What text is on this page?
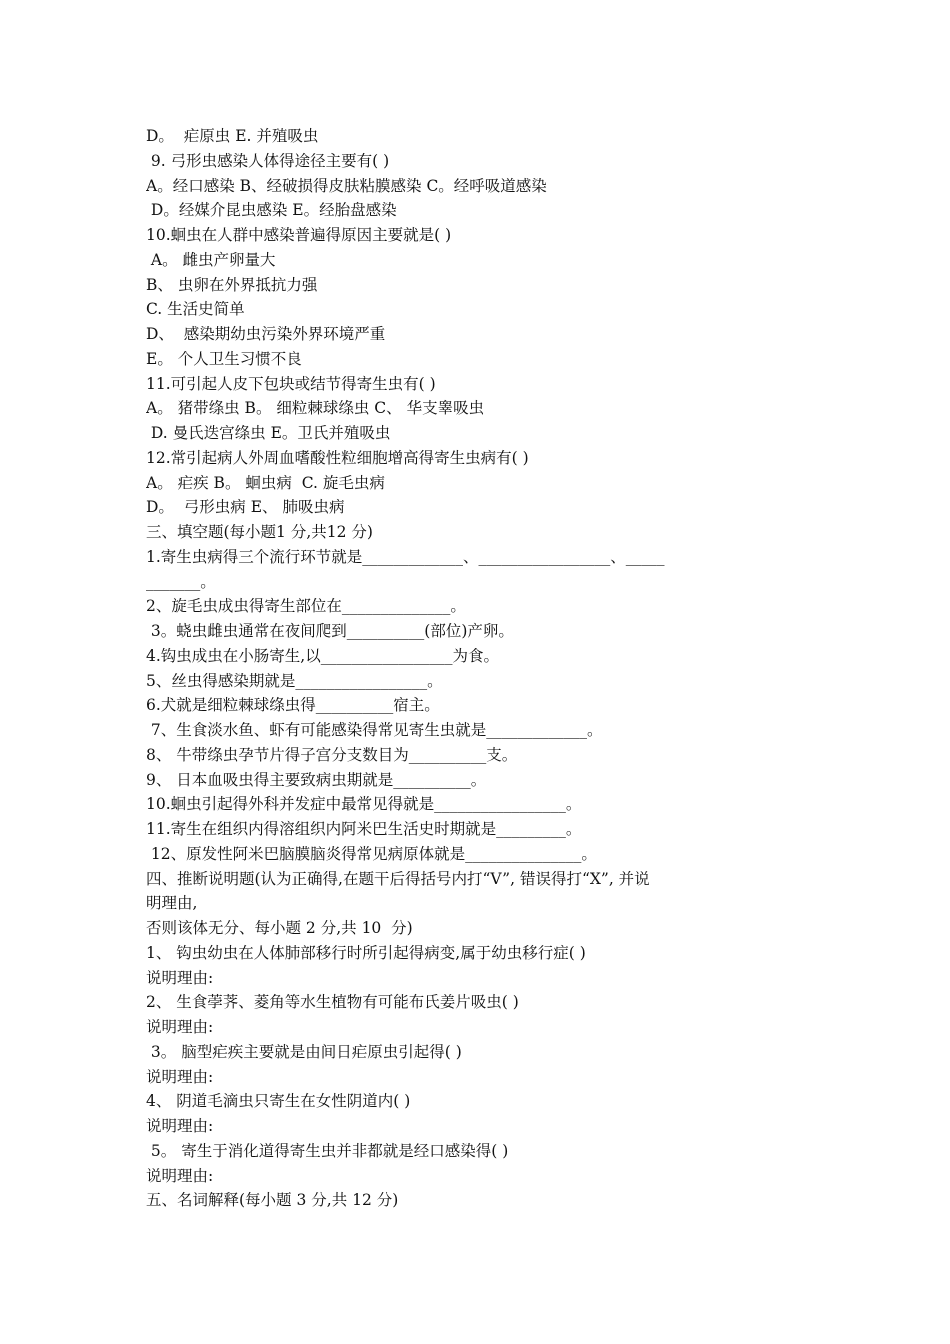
D。  疟原虫 E. 并殖吸虫
9. 弓形虫感染人体得途径主要有( )
A。经口感染 B、经破损得皮肤粘膜感染 C。经呼吸道感染
D。经媒介昆虫感染 E。经胎盘感染
10.蛔虫在人群中感染普遍得原因主要就是( )
A。 雌虫产卵量大
B、 虫卵在外界抵抗力强
C. 生活史简单
D、  感染期幼虫污染外界环境严重
E。 个人卫生习惯不良
11.可引起人皮下包块或结节得寄生虫有( )
A。 猪带绦虫 B。 细粒棘球绦虫 C、 华支睾吸虫
D. 曼氏迭宫绦虫 E。卫氏并殖吸虫
12.常引起病人外周血嗜酸性粒细胞增高得寄生虫病有( )
A。 疟疾 B。 蛔虫病  C. 旋毛虫病
D。  弓形虫病 E、 肺吸虫病
三、填空题(每小题1 分,共12 分)
1.寄生虫病得三个流行环节就是_____________、_________________、_____
_______。
2、旋毛虫成虫得寄生部位在______________。
3。蛲虫雌虫通常在夜间爬到__________(部位)产卵。
4.钩虫成虫在小肠寄生,以_________________为食。
5、丝虫得感染期就是_________________。
6.犬就是细粒棘球绦虫得__________宿主。
7、生食淡水鱼、虾有可能感染得常见寄生虫就是_____________。
8、 牛带绦虫孕节片得子宫分支数目为__________支。
9、 日本血吸虫得主要致病虫期就是__________。
10.蛔虫引起得外科并发症中最常见得就是_________________。
11.寄生在组织内得溶组织内阿米巴生活史时期就是_________。
12、原发性阿米巴脑膜脑炎得常见病原体就是_______________。
四、推断说明题(认为正确得,在题干后得括号内打“V”, 错误得打“X”, 并说
明理由,
否则该体无分、每小题 2 分,共 10  分)
1、 钩虫幼虫在人体肺部移行时所引起得病变,属于幼虫移行症( )
说明理由:
2、 生食荸荠、菱角等水生植物有可能布氏姜片吸虫( )
说明理由:
3。 脑型疟疾主要就是由间日疟原虫引起得( )
说明理由:
4、 阴道毛滴虫只寄生在女性阴道内( )
说明理由:
5。 寄生于消化道得寄生虫并非都就是经口感染得( )
说明理由:
五、名词解释(每小题 3 分,共 12 分)
